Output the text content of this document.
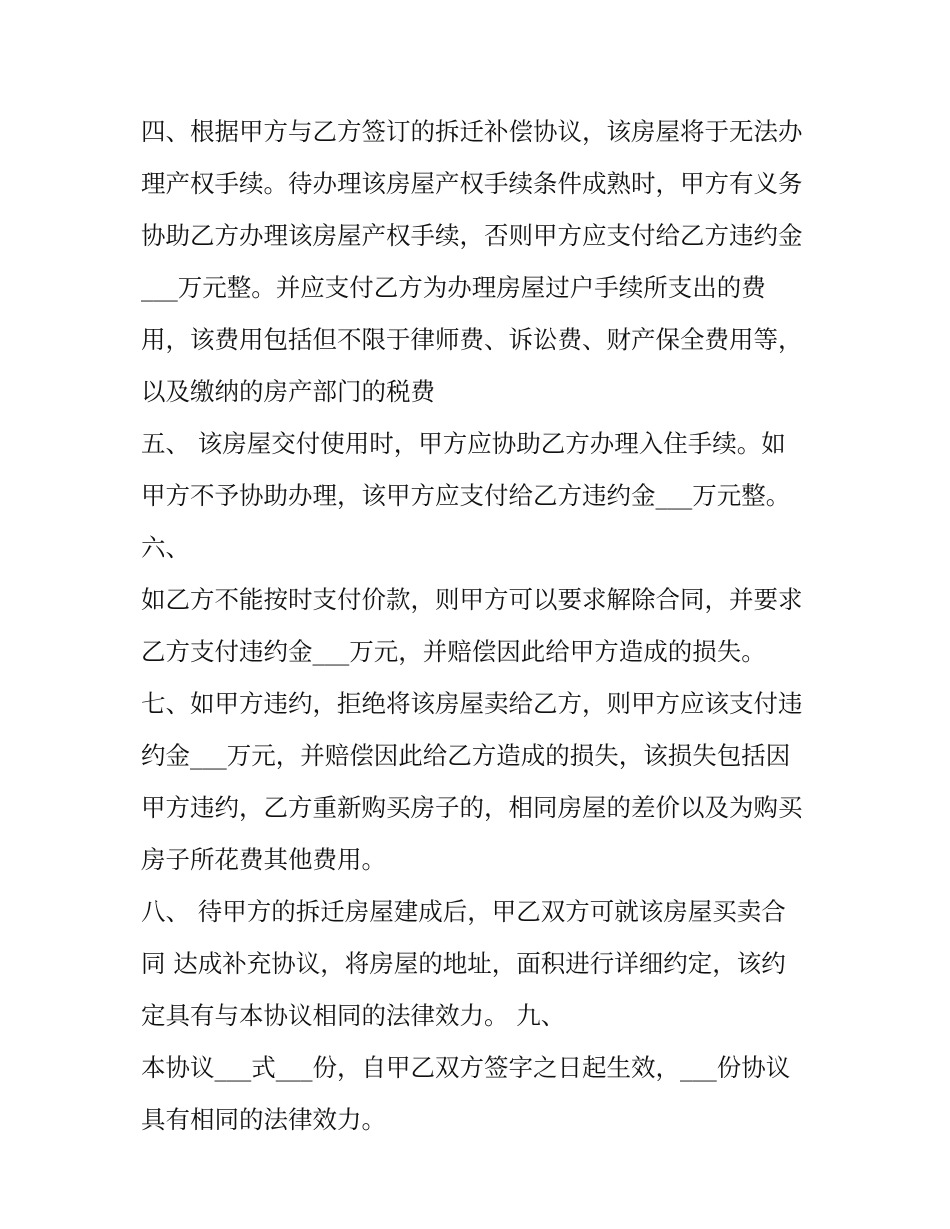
四、根据甲方与乙方签订的拆迁补偿协议，该房屋将于无法办
理产权手续。待办理该房屋产权手续条件成熟时，甲方有义务
协助乙方办理该房屋产权手续，否则甲方应支付给乙方违约金
___万元整。并应支付乙方为办理房屋过户手续所支出的费
用，该费用包括但不限于律师费、诉讼费、财产保全费用等，
以及缴纳的房产部门的税费
五、 该房屋交付使用时，甲方应协助乙方办理入住手续。如
甲方不予协助办理，该甲方应支付给乙方违约金___万元整。
六、
如乙方不能按时支付价款，则甲方可以要求解除合同，并要求
乙方支付违约金___万元，并赔偿因此给甲方造成的损失。
七、如甲方违约，拒绝将该房屋卖给乙方，则甲方应该支付违
约金___万元，并赔偿因此给乙方造成的损失，该损失包括因
甲方违约，乙方重新购买房子的，相同房屋的差价以及为购买
房子所花费其他费用。
八、 待甲方的拆迁房屋建成后，甲乙双方可就该房屋买卖合
同 达成补充协议，将房屋的地址，面积进行详细约定，该约
定具有与本协议相同的法律效力。 九、
本协议___式___份，自甲乙双方签字之日起生效，___份协议
具有相同的法律效力。
